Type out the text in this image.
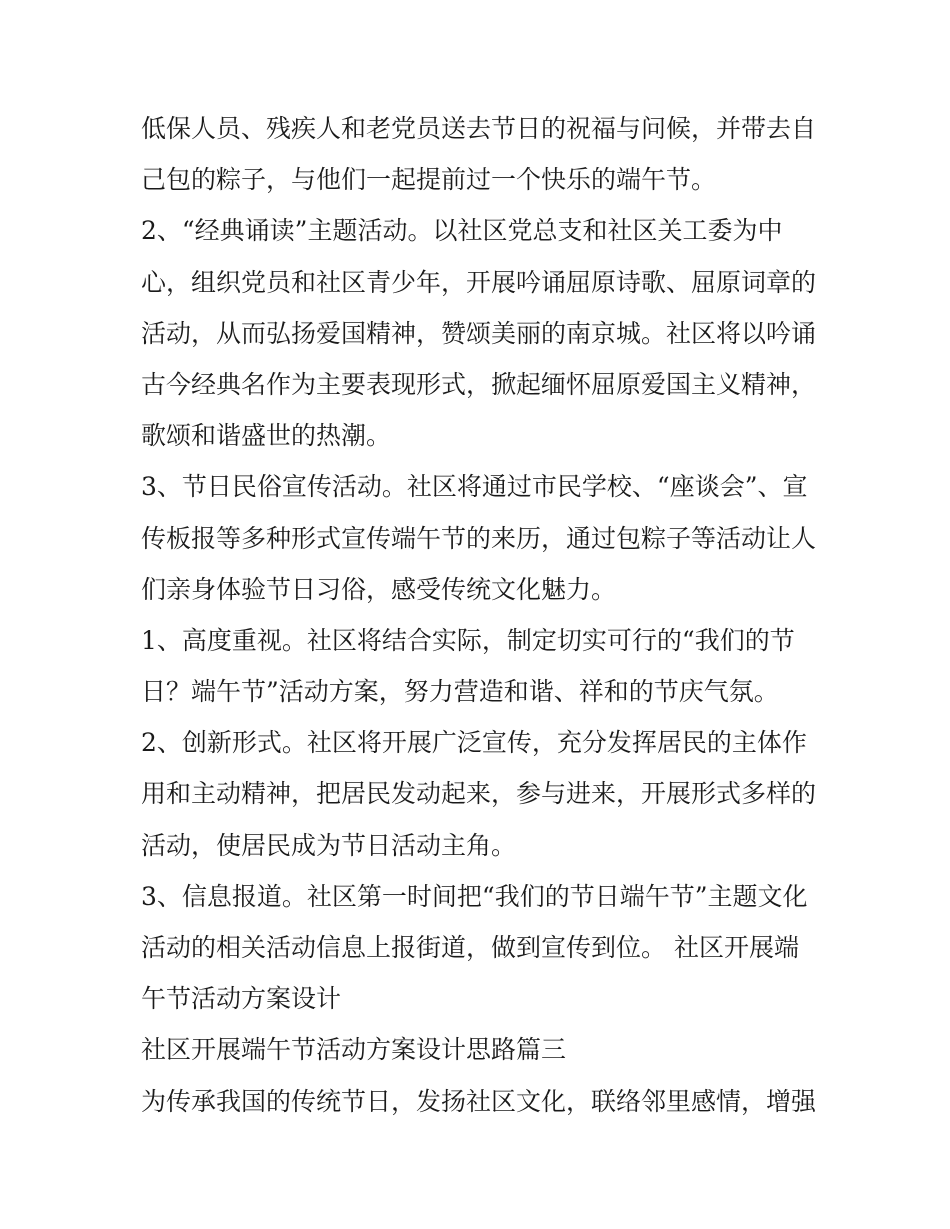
低保人员、残疾人和老党员送去节日的祝福与问候，并带去自
己包的粽子，与他们一起提前过一个快乐的端午节。
2、“经典诵读”主题活动。以社区党总支和社区关工委为中
心，组织党员和社区青少年，开展吟诵屈原诗歌、屈原词章的
活动，从而弘扬爱国精神，赞颂美丽的南京城。社区将以吟诵
古今经典名作为主要表现形式，掀起缅怀屈原爱国主义精神，
歌颂和谐盛世的热潮。
3、节日民俗宣传活动。社区将通过市民学校、“座谈会”、宣
传板报等多种形式宣传端午节的来历，通过包粽子等活动让人
们亲身体验节日习俗，感受传统文化魅力。
1、高度重视。社区将结合实际，制定切实可行的“我们的节
日？端午节”活动方案，努力营造和谐、祥和的节庆气氛。
2、创新形式。社区将开展广泛宣传，充分发挥居民的主体作
用和主动精神，把居民发动起来，参与进来，开展形式多样的
活动，使居民成为节日活动主角。
3、信息报道。社区第一时间把“我们的节日端午节”主题文化
活动的相关活动信息上报街道，做到宣传到位。 社区开展端
午节活动方案设计
社区开展端午节活动方案设计思路篇三
为传承我国的传统节日，发扬社区文化，联络邻里感情，增强
